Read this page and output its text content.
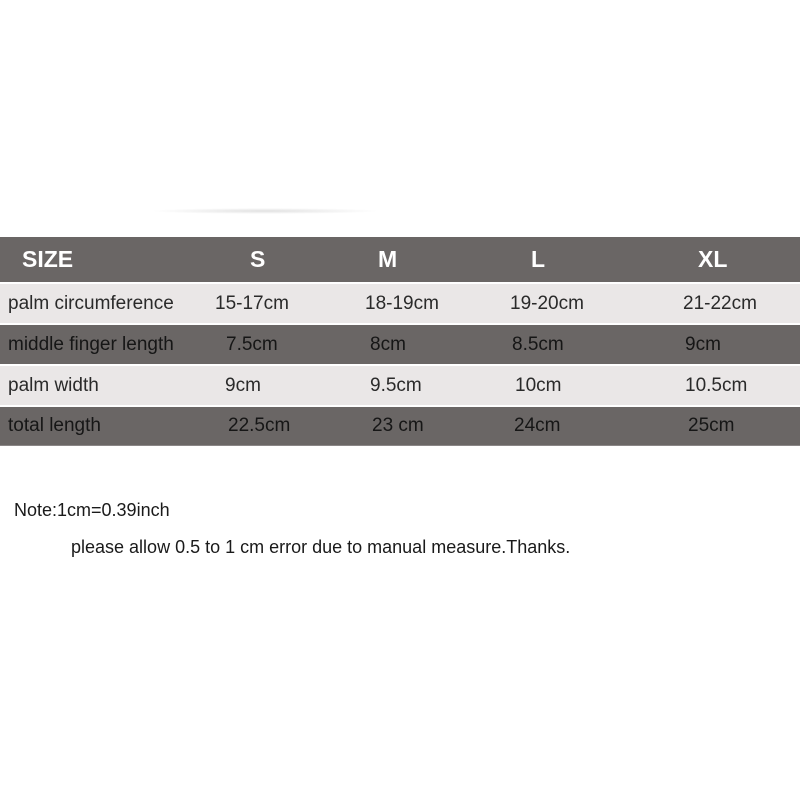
SIZE	S	M	L	XL
palm circumference 15-17cm	18-19cm	19-20cm	21-22cm
middle finger length	7.5cm	8cm	8.5cm	9cm
palm width	9cm	9.5cm	10cm	10.5cm
total length	22.5cm	23 cm	24cm	25cm
Note:1cm=0.39inch
please allow 0.5 to 1 cm error due to manual measure.Thanks.
